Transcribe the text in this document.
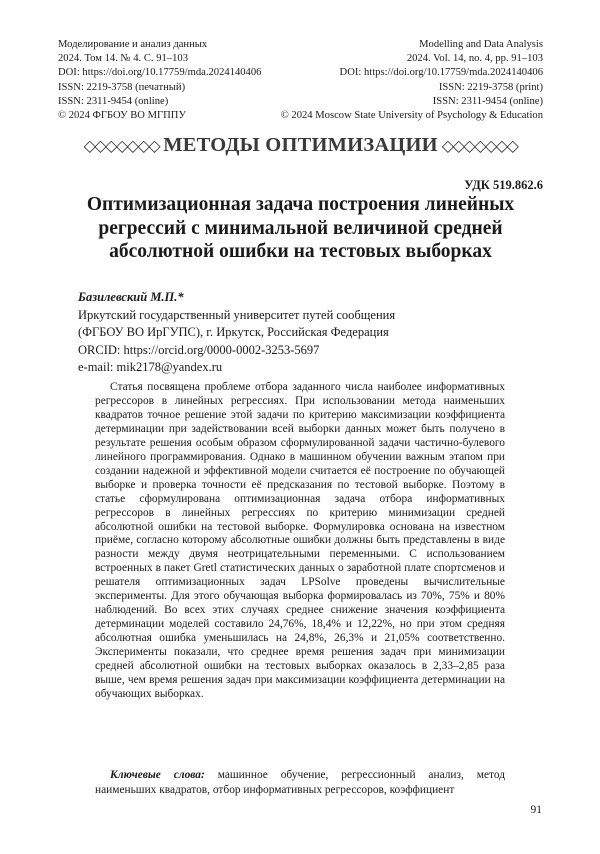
Моделирование и анализ данных
2024. Том 14. № 4. С. 91–103
DOI: https://doi.org/10.17759/mda.2024140406
ISSN: 2219-3758 (печатный)
ISSN: 2311-9454 (online)
© 2024 ФГБОУ ВО МГППУ
Modelling and Data Analysis
2024. Vol. 14, no. 4, pp. 91–103
DOI: https://doi.org/10.17759/mda.2024140406
ISSN: 2219-3758 (print)
ISSN: 2311-9454 (online)
© 2024 Moscow State University of Psychology & Education
◇◇◇◇◇◇◇ МЕТОДЫ ОПТИМИЗАЦИИ ◇◇◇◇◇◇◇
УДК 519.862.6
Оптимизационная задача построения линейных
регрессий с минимальной величиной средней
абсолютной ошибки на тестовых выборках
Базилевский М.П.*
Иркутский государственный университет путей сообщения
(ФГБОУ ВО ИрГУПС), г. Иркутск, Российская Федерация
ORCID: https://orcid.org/0000-0002-3253-5697
e-mail: mik2178@yandex.ru

Статья посвящена проблеме отбора заданного числа наиболее информативных регрессоров в линейных регрессиях. При использовании метода наименьших квадратов точное решение этой задачи по критерию максимизации коэффициента детерминации при задействовании всей выборки данных может быть получено в результате решения особым образом сформулированной задачи частично-булевого линейного программирования. Однако в машинном обучении важным этапом при создании надежной и эффективной модели считается её построение по обучающей выборке и проверка точности её предсказания по тестовой выборке. Поэтому в статье сформулирована оптимизационная задача отбора информативных регрессоров в линейных регрессиях по критерию минимизации средней абсолютной ошибки на тестовой выборке. Формулировка основана на известном приёме, согласно которому абсолютные ошибки должны быть представлены в виде разности между двумя неотрицательными переменными. С использованием встроенных в пакет Gretl статистических данных о заработной плате спортсменов и решателя оптимизационных задач LPSolve проведены вычислительные эксперименты. Для этого обучающая выборка формировалась из 70%, 75% и 80% наблюдений. Во всех этих случаях среднее снижение значения коэффициента детерминации моделей составило 24,76%, 18,4% и 12,22%, но при этом средняя абсолютная ошибка уменьшилась на 24,8%, 26,3% и 21,05% соответственно. Эксперименты показали, что среднее время решения задач при минимизации средней абсолютной ошибки на тестовых выборках оказалось в 2,33–2,85 раза выше, чем время решения задач при максимизации коэффициента детерминации на обучающих выборках.

Ключевые слова: машинное обучение, регрессионный анализ, метод наименьших квадратов, отбор информативных регрессоров, коэффициент

91
